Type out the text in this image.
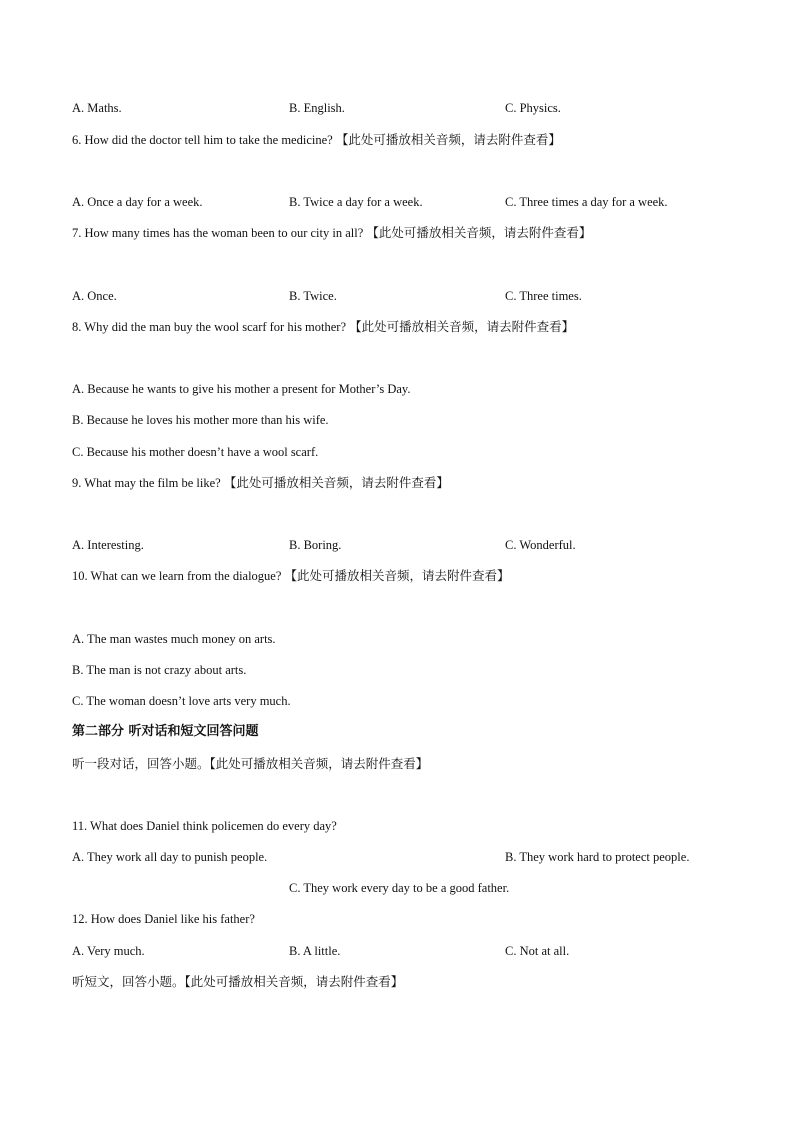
A. Maths.	B. English.	C. Physics.
6. How did the doctor tell him to take the medicine? 【此处可播放相关音频，请去附件查看】
A. Once a day for a week.	B. Twice a day for a week.	C. Three times a day for a week.
7. How many times has the woman been to our city in all? 【此处可播放相关音频，请去附件查看】
A. Once.	B. Twice.	C. Three times.
8. Why did the man buy the wool scarf for his mother? 【此处可播放相关音频，请去附件查看】
A. Because he wants to give his mother a present for Mother’s Day.
B. Because he loves his mother more than his wife.
C. Because his mother doesn’t have a wool scarf.
9. What may the film be like? 【此处可播放相关音频，请去附件查看】
A. Interesting.	B. Boring.	C. Wonderful.
10. What can we learn from the dialogue? 【此处可播放相关音频，请去附件查看】
A. The man wastes much money on arts.
B. The man is not crazy about arts.
C. The woman doesn’t love arts very much.
第二部分 听对话和短文回答问题
听一段对话，回答小题。【此处可播放相关音频，请去附件查看】
11. What does Daniel think policemen do every day?
A. They work all day to punish people.	B. They work hard to protect people.
C. They work every day to be a good father.
12. How does Daniel like his father?
A. Very much.	B. A little.	C. Not at all.
听短文，回答小题。【此处可播放相关音频，请去附件查看】
